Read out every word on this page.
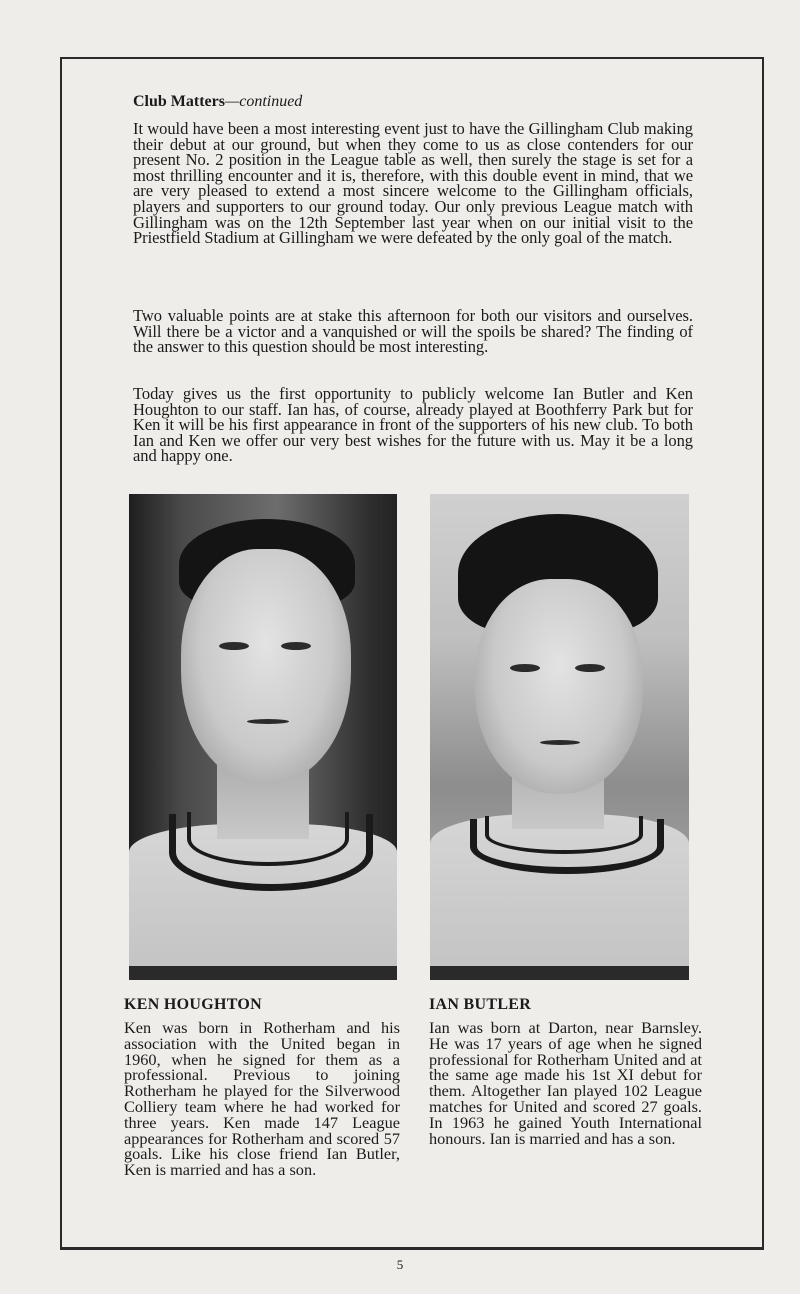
Club Matters—continued

It would have been a most interesting event just to have the Gillingham Club making their debut at our ground, but when they come to us as close contenders for our present No. 2 position in the League table as well, then surely the stage is set for a most thrilling encounter and it is, therefore, with this double event in mind, that we are very pleased to extend a most sincere welcome to the Gillingham officials, players and supporters to our ground today. Our only previous League match with Gillingham was on the 12th September last year when on our initial visit to the Priestfield Stadium at Gillingham we were defeated by the only goal of the match.

Two valuable points are at stake this afternoon for both our visitors and ourselves. Will there be a victor and a vanquished or will the spoils be shared? The finding of the answer to this question should be most interesting.

Today gives us the first opportunity to publicly welcome Ian Butler and Ken Houghton to our staff. Ian has, of course, already played at Boothferry Park but for Ken it will be his first appearance in front of the supporters of his new club. To both Ian and Ken we offer our very best wishes for the future with us. May it be a long and happy one.

KEN HOUGHTON	IAN BUTLER

Ken was born in Rotherham and his association with the United began in 1960, when he signed for them as a professional. Previous to joining Rotherham he played for the Silverwood Colliery team where he had worked for three years. Ken made 147 League appearances for Rotherham and scored 57 goals. Like his close friend Ian Butler, Ken is married and has a son.

Ian was born at Darton, near Barnsley. He was 17 years of age when he signed professional for Rotherham United and at the same age made his 1st XI debut for them. Altogether Ian played 102 League matches for United and scored 27 goals. In 1963 he gained Youth International honours. Ian is married and has a son.

5
